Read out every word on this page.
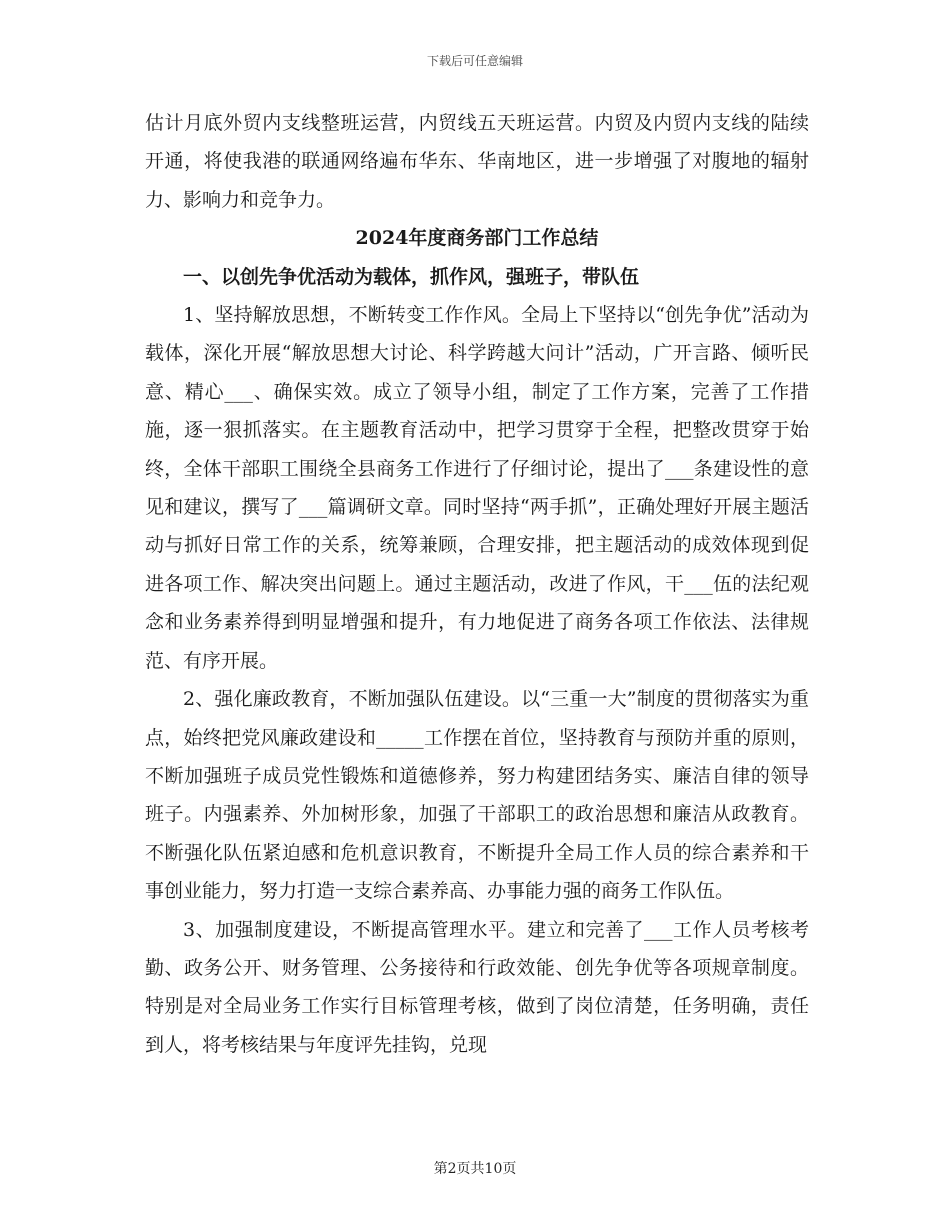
下载后可任意编辑

估计月底外贸内支线整班运营，内贸线五天班运营。内贸及内贸内支线的陆续开通，将使我港的联通网络遍布华东、华南地区，进一步增强了对腹地的辐射力、影响力和竞争力。

2024年度商务部门工作总结

一、以创先争优活动为载体，抓作风，强班子，带队伍

1、坚持解放思想，不断转变工作作风。全局上下坚持以“创先争优”活动为载体，深化开展“解放思想大讨论、科学跨越大问计”活动，广开言路、倾听民意、精心___、确保实效。成立了领导小组，制定了工作方案，完善了工作措施，逐一狠抓落实。在主题教育活动中，把学习贯穿于全程，把整改贯穿于始终，全体干部职工围绕全县商务工作进行了仔细讨论，提出了___条建设性的意见和建议，撰写了___篇调研文章。同时坚持“两手抓”，正确处理好开展主题活动与抓好日常工作的关系，统筹兼顾，合理安排，把主题活动的成效体现到促进各项工作、解决突出问题上。通过主题活动，改进了作风，干___伍的法纪观念和业务素养得到明显增强和提升，有力地促进了商务各项工作依法、法律规范、有序开展。

2、强化廉政教育，不断加强队伍建设。以“三重一大”制度的贯彻落实为重点，始终把党风廉政建设和_____工作摆在首位，坚持教育与预防并重的原则，不断加强班子成员党性锻炼和道德修养，努力构建团结务实、廉洁自律的领导班子。内强素养、外加树形象，加强了干部职工的政治思想和廉洁从政教育。不断强化队伍紧迫感和危机意识教育，不断提升全局工作人员的综合素养和干事创业能力，努力打造一支综合素养高、办事能力强的商务工作队伍。

3、加强制度建设，不断提高管理水平。建立和完善了___工作人员考核考勤、政务公开、财务管理、公务接待和行政效能、创先争优等各项规章制度。特别是对全局业务工作实行目标管理考核，做到了岗位清楚，任务明确，责任到人，将考核结果与年度评先挂钩，兑现

第2页共10页
